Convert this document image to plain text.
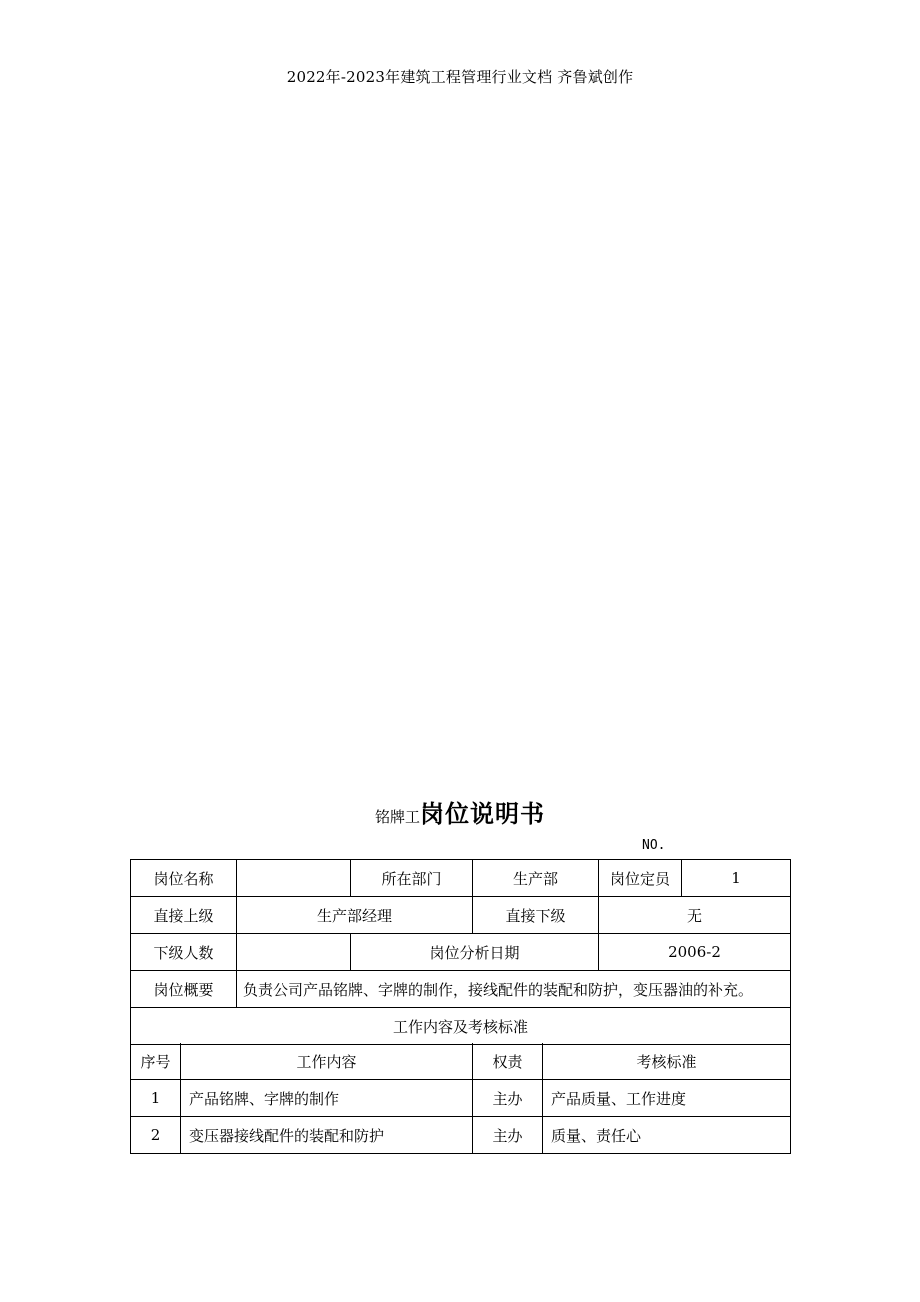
2022年-2023年建筑工程管理行业文档 齐鲁斌创作
铭牌工岗位说明书
NO.
岗位名称		所在部门	生产部	岗位定员	1
直接上级	生产部经理		直接下级	无	
下级人数		岗位分析日期		2006-2	
岗位概要	负责公司产品铭牌、字牌的制作，接线配件的装配和防护，变压器油的补充。				
工作内容及考核标准					
序号	工作内容	权责	考核标准
1	产品铭牌、字牌的制作	主办	产品质量、工作进度
2	变压器接线配件的装配和防护	主办	质量、责任心
